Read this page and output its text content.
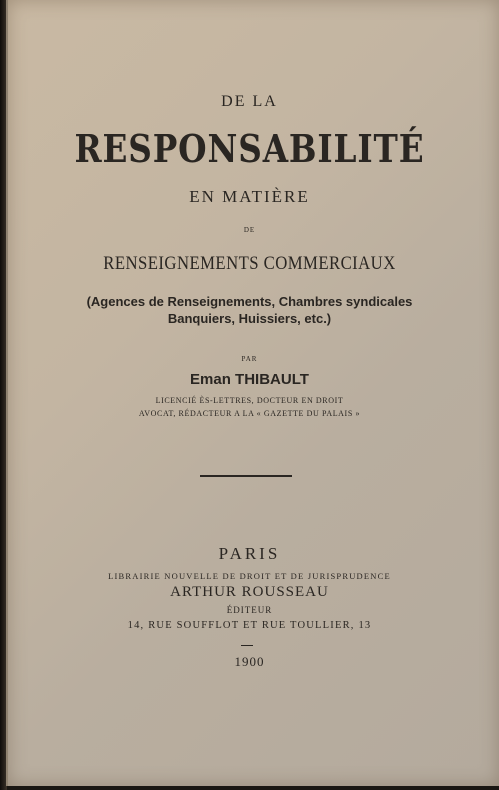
DE LA
RESPONSABILITÉ
EN MATIÈRE
DE
RENSEIGNEMENTS COMMERCIAUX
(Agences de Renseignements, Chambres syndicales
Banquiers, Huissiers, etc.)
PAR
Eman THIBAULT
LICENCIÉ ÈS-LETTRES, DOCTEUR EN DROIT
AVOCAT, RÉDACTEUR A LA « GAZETTE DU PALAIS »
PARIS
LIBRAIRIE NOUVELLE DE DROIT ET DE JURISPRUDENCE
ARTHUR ROUSSEAU
ÉDITEUR
14, RUE SOUFFLOT ET RUE TOULLIER, 13
1900
